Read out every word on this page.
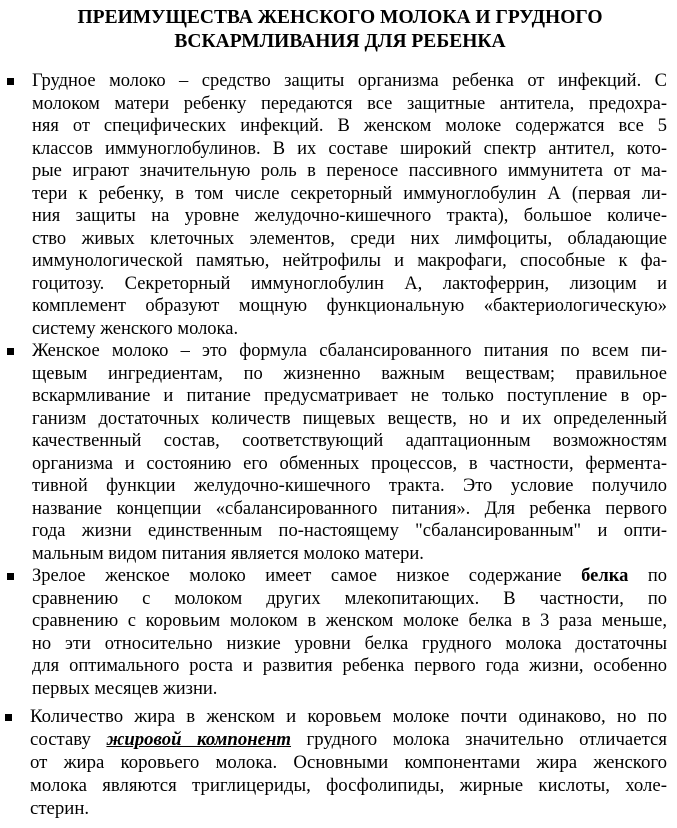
ПРЕИМУЩЕСТВА ЖЕНСКОГО МОЛОКА И ГРУДНОГО
ВСКАРМЛИВАНИЯ ДЛЯ РЕБЕНКА
Грудное молоко – средство защиты организма ребенка от инфекций. С
молоком матери ребенку передаются все защитные антитела, предохра-
няя от специфических инфекций. В женском молоке содержатся все 5
классов иммуноглобулинов. В их составе широкий спектр антител, кото-
рые играют значительную роль в переносе пассивного иммунитета от ма-
тери к ребенку, в том числе секреторный иммуноглобулин А (первая ли-
ния защиты на уровне желудочно-кишечного тракта), большое количе-
ство живых клеточных элементов, среди них лимфоциты, обладающие
иммунологической памятью, нейтрофилы и макрофаги, способные к фа-
гоцитозу. Секреторный иммуноглобулин А, лактоферрин, лизоцим и
комплемент образуют мощную функциональную «бактериологическую»
систему женского молока.
Женское молоко – это формула сбалансированного питания по всем пи-
щевым ингредиентам, по жизненно важным веществам; правильное
вскармливание и питание предусматривает не только поступление в ор-
ганизм достаточных количеств пищевых веществ, но и их определенный
качественный состав, соответствующий адаптационным возможностям
организма и состоянию его обменных процессов, в частности, фермента-
тивной функции желудочно-кишечного тракта. Это условие получило
название концепции «сбалансированного питания». Для ребенка первого
года жизни единственным по-настоящему "сбалансированным" и опти-
мальным видом питания является молоко матери.
Зрелое женское молоко имеет самое низкое содержание белка по
сравнению с молоком других млекопитающих. В частности, по
сравнению с коровьим молоком в женском молоке белка в 3 раза меньше,
но эти относительно низкие уровни белка грудного молока достаточны
для оптимального роста и развития ребенка первого года жизни, особенно
первых месяцев жизни.
Количество жира в женском и коровьем молоке почти одинаково, но по
составу жировой компонент грудного молока значительно отличается
от жира коровьего молока. Основными компонентами жира женского
молока являются триглицериды, фосфолипиды, жирные кислоты, холе-
стерин.
